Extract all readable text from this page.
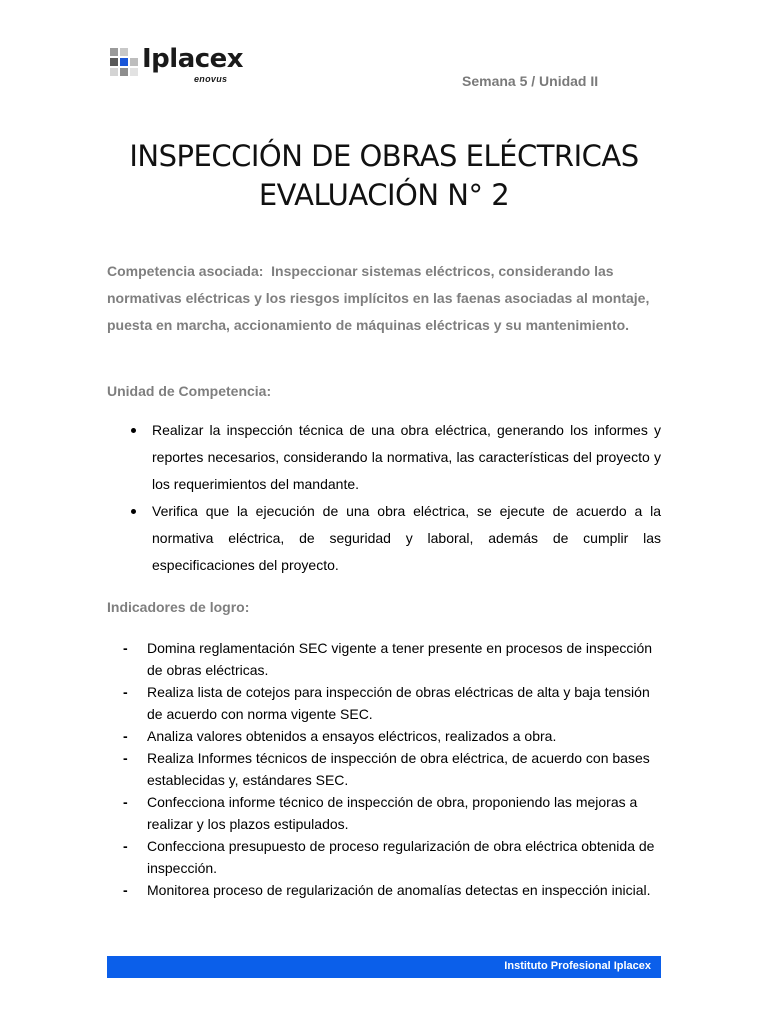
Iplacex
enovus	Semana 5 / Unidad II
INSPECCIÓN DE OBRAS ELÉCTRICAS
EVALUACIÓN N° 2
Competencia asociada: Inspeccionar sistemas eléctricos, considerando las normativas eléctricas y los riesgos implícitos en las faenas asociadas al montaje, puesta en marcha, accionamiento de máquinas eléctricas y su mantenimiento.
Unidad de Competencia:
Realizar la inspección técnica de una obra eléctrica, generando los informes y reportes necesarios, considerando la normativa, las características del proyecto y los requerimientos del mandante.
Verifica que la ejecución de una obra eléctrica, se ejecute de acuerdo a la normativa eléctrica, de seguridad y laboral, además de cumplir las especificaciones del proyecto.
Indicadores de logro:
- Domina reglamentación SEC vigente a tener presente en procesos de inspección de obras eléctricas.
- Realiza lista de cotejos para inspección de obras eléctricas de alta y baja tensión de acuerdo con norma vigente SEC.
- Analiza valores obtenidos a ensayos eléctricos, realizados a obra.
- Realiza Informes técnicos de inspección de obra eléctrica, de acuerdo con bases establecidas y, estándares SEC.
- Confecciona informe técnico de inspección de obra, proponiendo las mejoras a realizar y los plazos estipulados.
- Confecciona presupuesto de proceso regularización de obra eléctrica obtenida de inspección.
- Monitorea proceso de regularización de anomalías detectas en inspección inicial.
Instituto Profesional Iplacex
